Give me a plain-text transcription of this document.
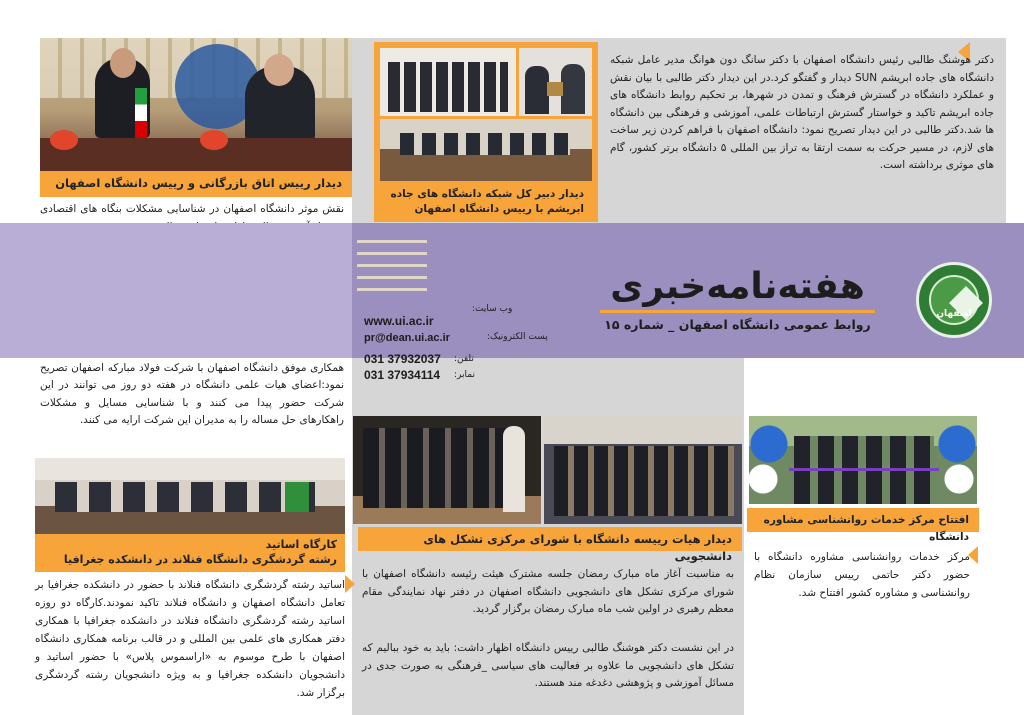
دیدار رییس اتاق بازرگانی و رییس دانشگاه اصفهان
نقش موثر دانشگاه اصفهان در شناسایی مشکلات بنگاه های اقتصادی
همکاری موفق دانشگاه اصفهان با شرکت فولاد مبارکه اصفهان تصریح نمود:اعضای هیات علمی دانشگاه در هفته دو روز می توانند در این شرکت حضور پیدا می کنند و با شناسایی مسایل و مشکلات راهکارهای حل مساله را به مدیران این شرکت ارایه می کنند.
دیدار دبیر کل شبکه دانشگاه های جاده ابریشم با رییس دانشگاه اصفهان
دکتر هوشنگ طالبی رئیس دانشگاه اصفهان با دکتر سانگ دون هوانگ مدیر عامل شبکه دانشگاه های جاده ابریشم SUN دیدار و گفتگو کرد.در این دیدار دکتر طالبی با بیان نقش و عملکرد دانشگاه در گسترش فرهنگ و تمدن در شهرها، بر تحکیم روابط دانشگاه های جاده ابریشم تاکید و خواستار گسترش ارتباطات علمی، آموزشی و فرهنگی بین دانشگاه ها شد.دکتر طالبی در این دیدار تصریح نمود: دانشگاه اصفهان با فراهم کردن زیر ساخت های لازم، در مسیر حرکت به سمت ارتقا به تراز بین المللی ۵ دانشگاه برتر کشور، گام های موثری برداشته است.
هفته‌نامه‌خبری
روابط عمومی دانشگاه اصفهان _ شماره ۱۵
اصفهان
وب سایت:
www.ui.ac.ir
پست الکترونیک:
pr@dean.ui.ac.ir
تلفن:
031 37932037
نمابر:
031 37934114
کارگاه اساتید
رشته گردشگری دانشگاه فنلاند در دانشکده جغرافیا
اساتید رشته گردشگری دانشگاه فنلاند با حضور در دانشکده جغرافیا بر تعامل دانشگاه اصفهان و دانشگاه فنلاند تاکید نمودند.کارگاه دو روزه اساتید رشته گردشگری دانشگاه فنلاند در دانشکده جغرافیا با همکاری دفتر همکاری های علمی بین المللی و در قالب برنامه همکاری دانشگاه اصفهان با طرح موسوم به «اراسموس پلاس» با حضور اساتید و دانشجویان دانشکده جغرافیا و به ویژه دانشجویان رشته گردشگری برگزار شد.
دیدار هیات رییسه دانشگاه با شورای مرکزی تشکل های دانشجویی
به مناسبت آغاز ماه مبارک رمضان جلسه مشترک هیئت رئیسه دانشگاه اصفهان با شورای مرکزی تشکل های دانشجویی دانشگاه اصفهان در دفتر نهاد نمایندگی مقام معظم رهبری در اولین شب ماه مبارک رمضان برگزار گردید.
در این نشست دکتر هوشنگ طالبی رییس دانشگاه اظهار داشت: باید به خود ببالیم که تشکل های دانشجویی ما علاوه بر فعالیت های سیاسی _فرهنگی به صورت جدی در مسائل آموزشی و پژوهشی دغدغه مند هستند.
افتتاح مرکز خدمات روانشناسی مشاوره دانشگاه
مرکز خدمات روانشناسی مشاوره دانشگاه با حضور دکتر حاتمی رییس سازمان نظام روانشناسی و مشاوره کشور افتتاح شد.
